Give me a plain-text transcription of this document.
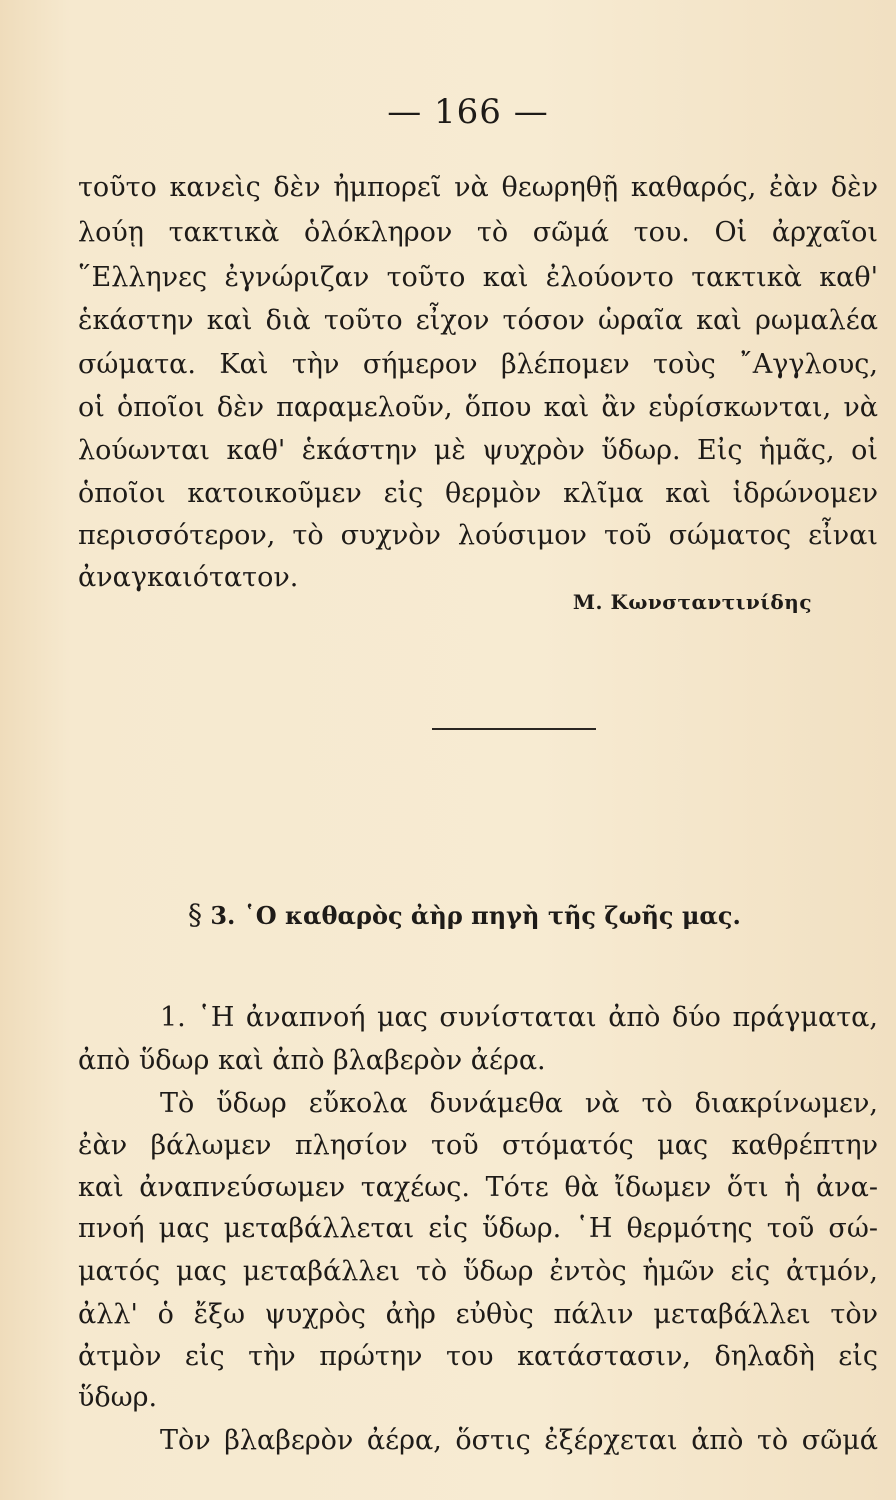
— 166 —
τοῦτο κανεὶς δὲν ἠμπορεῖ νὰ θεωρηθῇ καθαρός, ἐὰν δὲν
λούῃ τακτικὰ ὁλόκληρον τὸ σῶμά του. Οἱ ἀρχαῖοι
῞Ελληνες ἐγνώριζαν τοῦτο καὶ ἐλούοντο τακτικὰ καθ'
ἑκάστην καὶ διὰ τοῦτο εἶχον τόσον ὡραῖα καὶ ρωμαλέα
σώματα. Καὶ τὴν σήμερον βλέπομεν τοὺς ῎Αγγλους,
οἱ ὁποῖοι δὲν παραμελοῦν, ὅπου καὶ ἂν εὑρίσκωνται, νὰ
λούωνται καθ' ἑκάστην μὲ ψυχρὸν ὕδωρ. Εἰς ἡμᾶς, οἱ
ὁποῖοι κατοικοῦμεν εἰς θερμὸν κλῖμα καὶ ἱδρώνομεν
περισσότερον, τὸ συχνὸν λούσιμον τοῦ σώματος εἶναι
ἀναγκαιότατον.
Μ. Κωνσταντινίδης
§ 3. ῾Ο καθαρὸς ἀὴρ πηγὴ τῆς ζωῆς μας.
1. ῾Η ἀναπνοή μας συνίσταται ἀπὸ δύο πράγματα,
ἀπὸ ὕδωρ καὶ ἀπὸ βλαβερὸν ἀέρα.
Τὸ ὕδωρ εὔκολα δυνάμεθα νὰ τὸ διακρίνωμεν,
ἐὰν βάλωμεν πλησίον τοῦ στόματός μας καθρέπτην
καὶ ἀναπνεύσωμεν ταχέως. Τότε θὰ ἴδωμεν ὅτι ἡ ἀνα-
πνοή μας μεταβάλλεται εἰς ὕδωρ. ῾Η θερμότης τοῦ σώ-
ματός μας μεταβάλλει τὸ ὕδωρ ἐντὸς ἡμῶν εἰς ἀτμόν,
ἀλλ' ὁ ἔξω ψυχρὸς ἀὴρ εὐθὺς πάλιν μεταβάλλει τὸν
ἀτμὸν εἰς τὴν πρώτην του κατάστασιν, δηλαδὴ εἰς
ὕδωρ.
Τὸν βλαβερὸν ἀέρα, ὅστις ἐξέρχεται ἀπὸ τὸ σῶμά
